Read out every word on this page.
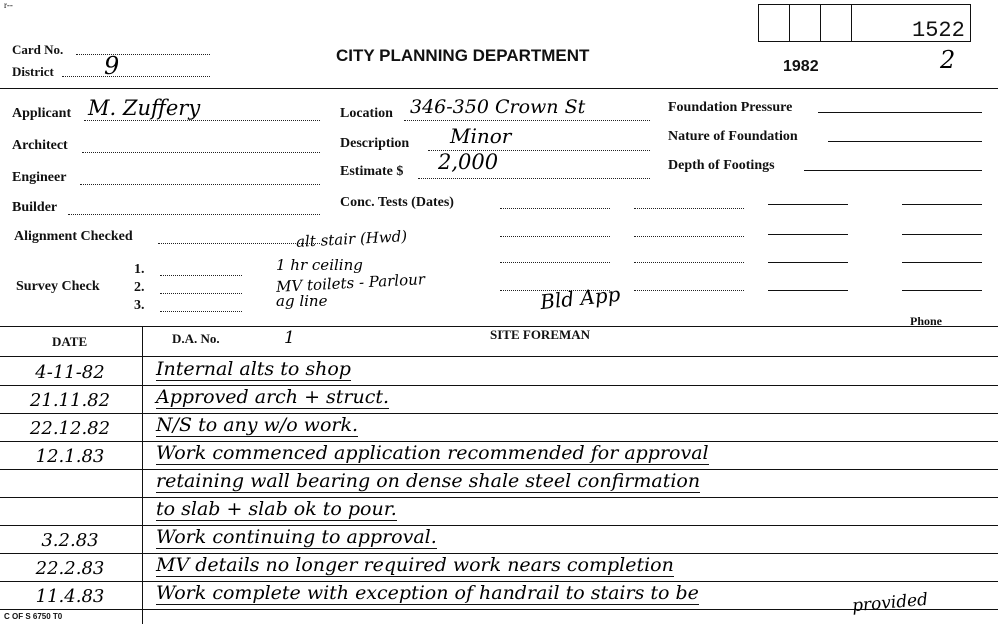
r--
Card No.
District 9	CITY PLANNING DEPARTMENT
1982	2
1522
Applicant M. Zuffery
Architect
Engineer
Builder
Alignment Checked
Survey Check
1.
2.
3.
Location 346-350 Crown St
Description Minor
Estimate $ 2,000
Conc. Tests (Dates)
Foundation Pressure
Nature of Foundation
Depth of Footings
alt stair (Hwd)
1 hr ceiling
MV toilets - Parlour
ag line	Bld App
DATE	D.A. No.	1	SITE FOREMAN
Phone
4-11-82	Internal alts to shop
21.11.82	Approved arch + struct.
22.12.82	N/S to any w/o work.
12.1.83	Work commenced application recommended for approval
retaining wall bearing on dense shale steel confirmation
to slab + slab ok to pour.
3.2.83	Work continuing to approval.
22.2.83	MV details no longer required work nears completion
11.4.83	Work complete with exception of handrail to stairs to be	provided
C OF S 6750 T0
